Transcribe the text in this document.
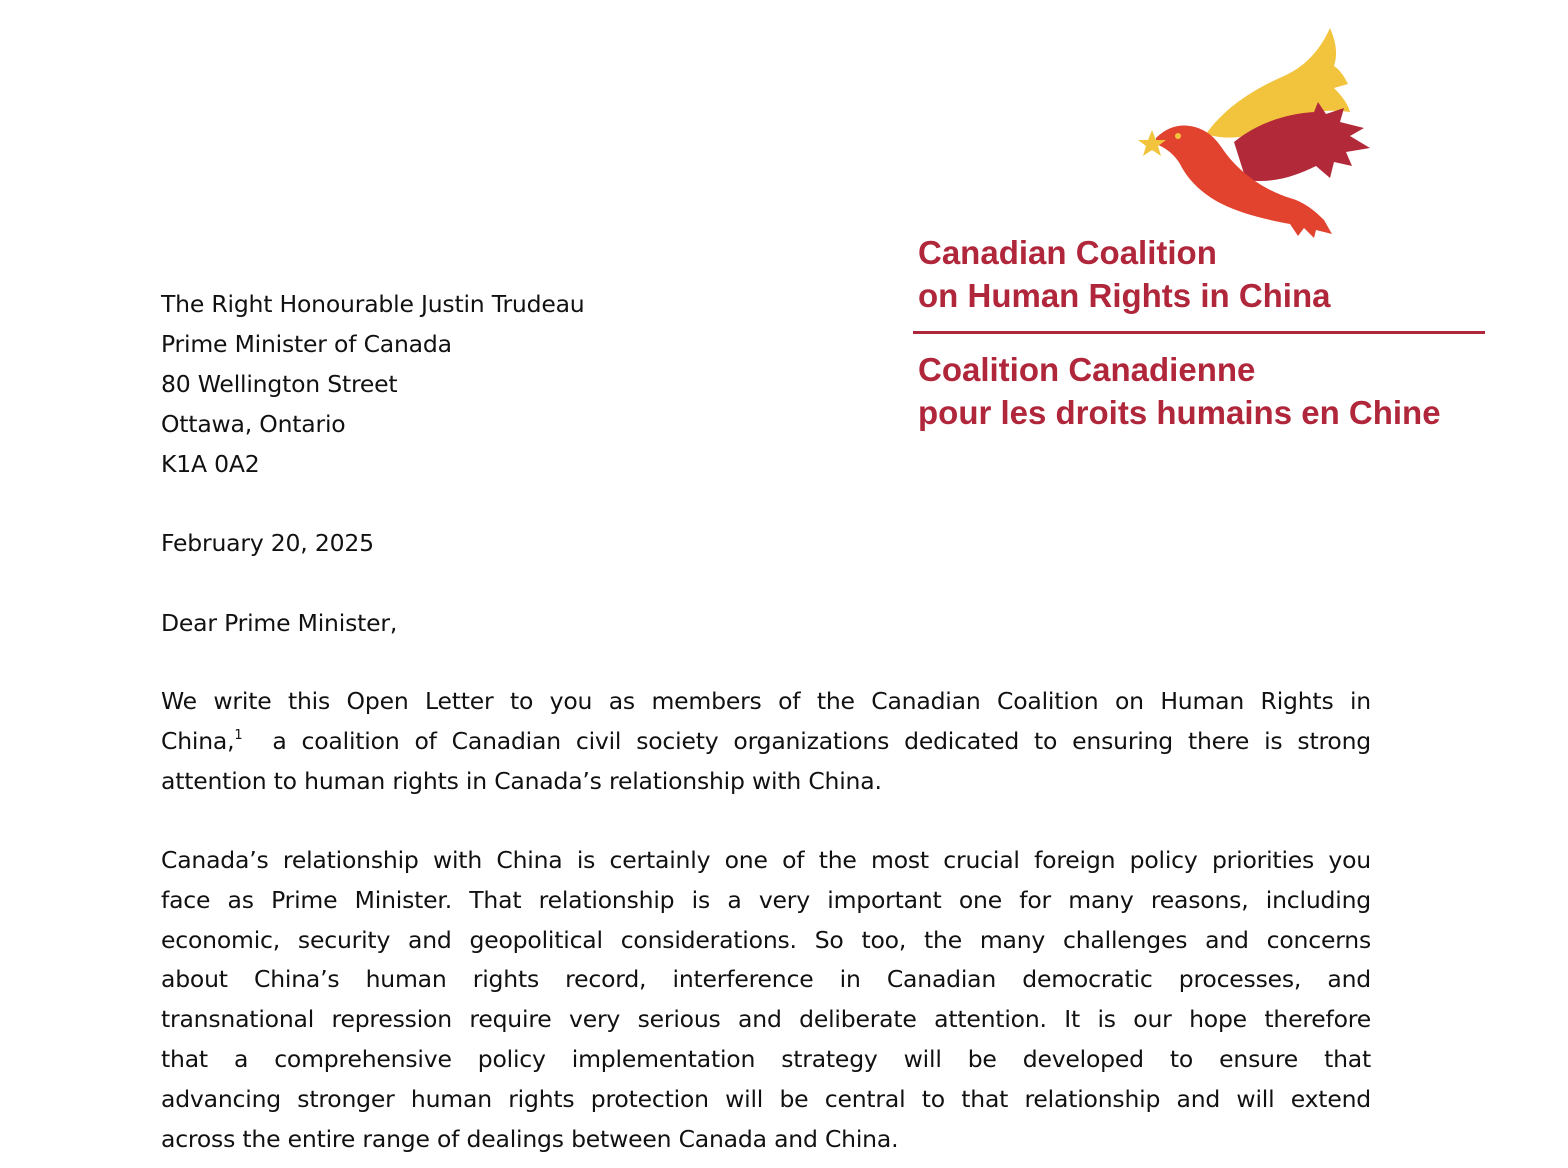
Canadian Coalition
on Human Rights in China
Coalition Canadienne
pour les droits humains en Chine
The Right Honourable Justin Trudeau
Prime Minister of Canada
80 Wellington Street
Ottawa, Ontario
K1A 0A2
February 20, 2025
Dear Prime Minister,
We write this Open Letter to you as members of the Canadian Coalition on Human Rights in
China,$^1$ a coalition of Canadian civil society organizations dedicated to ensuring there is strong
attention to human rights in Canada’s relationship with China.
Canada’s relationship with China is certainly one of the most crucial foreign policy priorities you
face as Prime Minister. That relationship is a very important one for many reasons, including
economic, security and geopolitical considerations. So too, the many challenges and concerns
about China’s human rights record, interference in Canadian democratic processes, and
transnational repression require very serious and deliberate attention. It is our hope therefore
that a comprehensive policy implementation strategy will be developed to ensure that
advancing stronger human rights protection will be central to that relationship and will extend
across the entire range of dealings between Canada and China.
